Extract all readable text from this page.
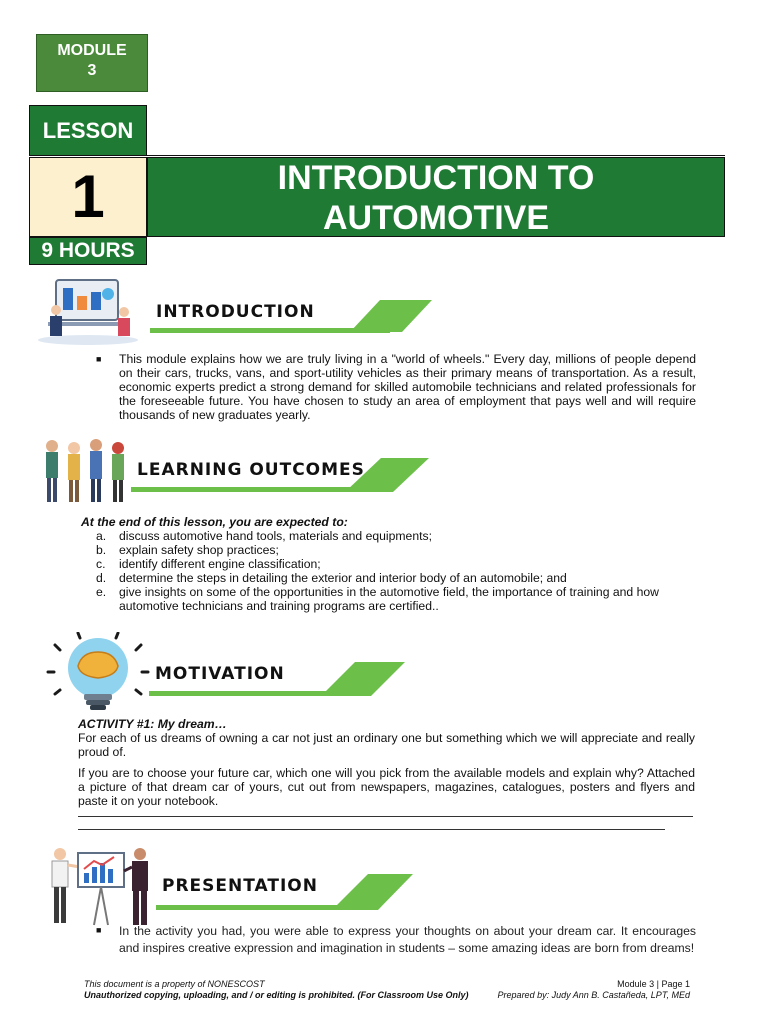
MODULE
3
LESSON
1
9 HOURS
INTRODUCTION TO
AUTOMOTIVE
INTRODUCTION
■	This module explains how we are truly living in a "world of wheels." Every day, millions of people depend on their cars, trucks, vans, and sport-utility vehicles as their primary means of transportation. As a result, economic experts predict a strong demand for skilled automobile technicians and related professionals for the foreseeable future. You have chosen to study an area of employment that pays well and will require thousands of new graduates yearly.
LEARNING OUTCOMES
At the end of this lesson, you are expected to:
a.	discuss automotive hand tools, materials and equipments;
b.	explain safety shop practices;
c.	identify different engine classification;
d.	determine the steps in detailing the exterior and interior body of an automobile; and
e.	give insights on some of the opportunities in the automotive field, the importance of training and how automotive technicians and training programs are certified..
MOTIVATION
ACTIVITY #1: My dream…
For each of us dreams of owning a car not just an ordinary one but something which we will appreciate and really proud of.
If you are to choose your future car, which one will you pick from the available models and explain why? Attached a picture of that dream car of yours, cut out from newspapers, magazines, catalogues, posters and flyers and paste it on your notebook.
PRESENTATION
■	In the activity you had, you were able to express your thoughts on about your dream car. It encourages and inspires creative expression and imagination in students – some amazing ideas are born from dreams!
This document is a property of NONESCOST
Unauthorized copying, uploading, and / or editing is prohibited. (For Classroom Use Only)
Module 3 | Page 1
Prepared by: Judy Ann B. Castañeda, LPT, MEd
